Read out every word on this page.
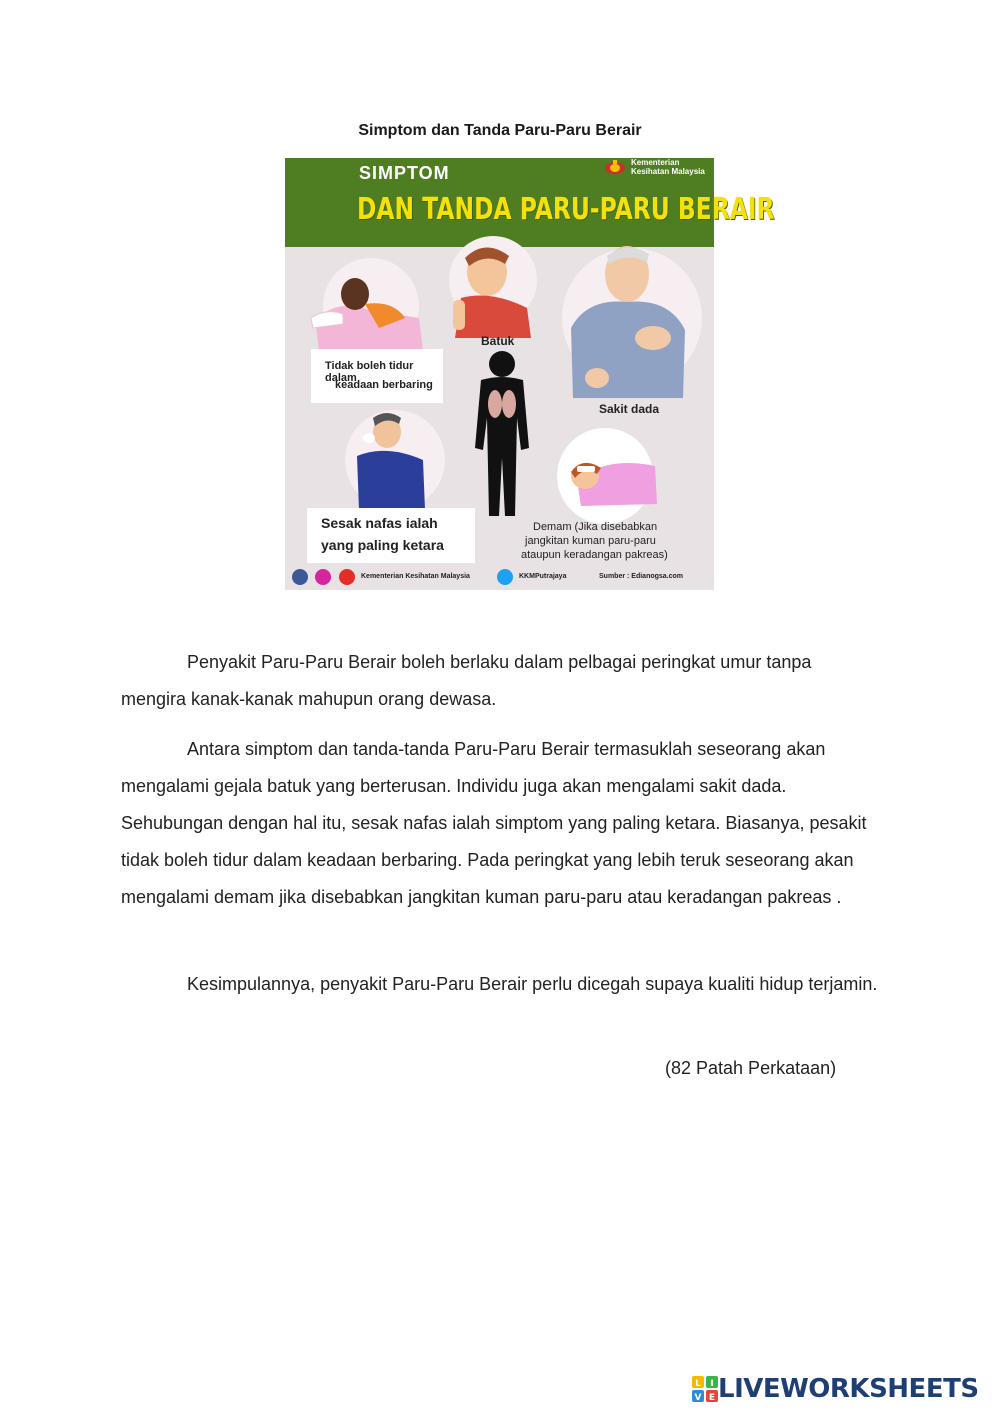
Simptom dan Tanda Paru-Paru Berair

SIMPTOM
DAN TANDA PARU-PARU BERAIR
Kementerian
Kesihatan Malaysia
Tidak boleh tidur dalam
keadaan berbaring
Batuk
Sakit dada
Sesak nafas ialah
yang paling ketara
Demam (Jika disebabkan
jangkitan kuman paru-paru
ataupun keradangan pakreas)
Kementerian Kesihatan Malaysia	KKMPutrajaya	Sumber : Edianogsa.com

Penyakit Paru-Paru Berair boleh berlaku dalam pelbagai peringkat umur tanpa mengira kanak-kanak mahupun orang dewasa.

Antara simptom dan tanda-tanda Paru-Paru Berair termasuklah seseorang akan mengalami gejala batuk yang berterusan. Individu juga akan mengalami sakit dada. Sehubungan dengan hal itu, sesak nafas ialah simptom yang paling ketara. Biasanya, pesakit tidak boleh tidur dalam keadaan berbaring. Pada peringkat yang lebih teruk seseorang akan mengalami demam jika disebabkan jangkitan kuman paru-paru atau keradangan pakreas .

Kesimpulannya, penyakit Paru-Paru Berair perlu dicegah supaya kualiti hidup terjamin.

(82 Patah Perkataan)

L I
V E LIVEWORKSHEETS
